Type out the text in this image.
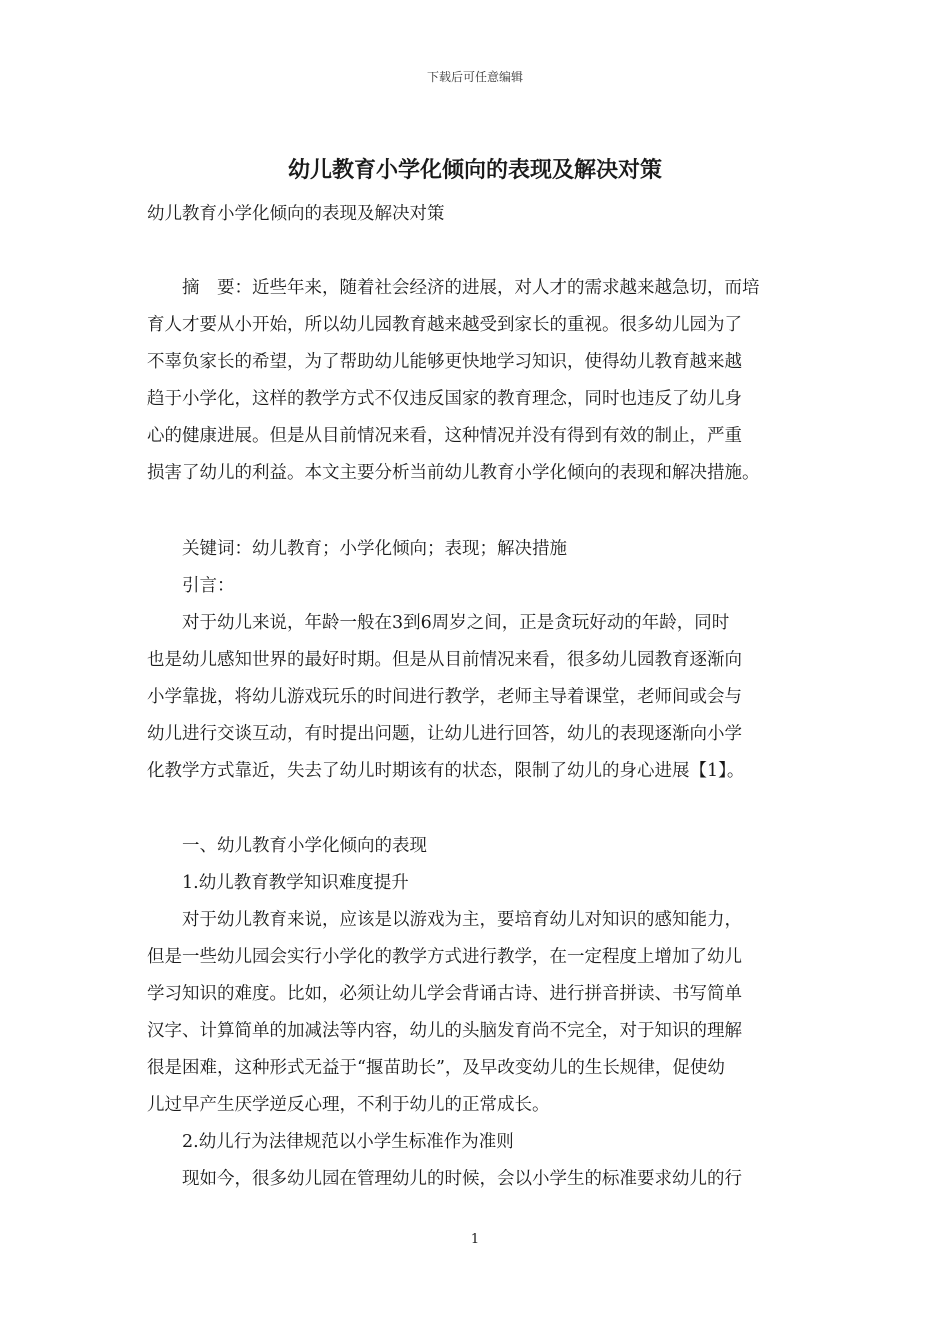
下载后可任意编辑
幼儿教育小学化倾向的表现及解决对策
幼儿教育小学化倾向的表现及解决对策
　　摘　要：近些年来，随着社会经济的进展，对人才的需求越来越急切，而培
育人才要从小开始，所以幼儿园教育越来越受到家长的重视。很多幼儿园为了
不辜负家长的希望，为了帮助幼儿能够更快地学习知识，使得幼儿教育越来越
趋于小学化，这样的教学方式不仅违反国家的教育理念，同时也违反了幼儿身
心的健康进展。但是从目前情况来看，这种情况并没有得到有效的制止，严重
损害了幼儿的利益。本文主要分析当前幼儿教育小学化倾向的表现和解决措施。
　　关键词：幼儿教育；小学化倾向；表现；解决措施
　　引言：
　　对于幼儿来说，年龄一般在3到6周岁之间，正是贪玩好动的年龄，同时
也是幼儿感知世界的最好时期。但是从目前情况来看，很多幼儿园教育逐渐向
小学靠拢，将幼儿游戏玩乐的时间进行教学，老师主导着课堂，老师间或会与
幼儿进行交谈互动，有时提出问题，让幼儿进行回答，幼儿的表现逐渐向小学
化教学方式靠近，失去了幼儿时期该有的状态，限制了幼儿的身心进展【1】。
　　一、幼儿教育小学化倾向的表现
　　1.幼儿教育教学知识难度提升
　　对于幼儿教育来说，应该是以游戏为主，要培育幼儿对知识的感知能力，
但是一些幼儿园会实行小学化的教学方式进行教学，在一定程度上增加了幼儿
学习知识的难度。比如，必须让幼儿学会背诵古诗、进行拼音拼读、书写简单
汉字、计算简单的加减法等内容，幼儿的头脑发育尚不完全，对于知识的理解
很是困难，这种形式无益于“揠苗助长”，及早改变幼儿的生长规律，促使幼
儿过早产生厌学逆反心理，不利于幼儿的正常成长。
　　2.幼儿行为法律规范以小学生标准作为准则
　　现如今，很多幼儿园在管理幼儿的时候，会以小学生的标准要求幼儿的行
1
